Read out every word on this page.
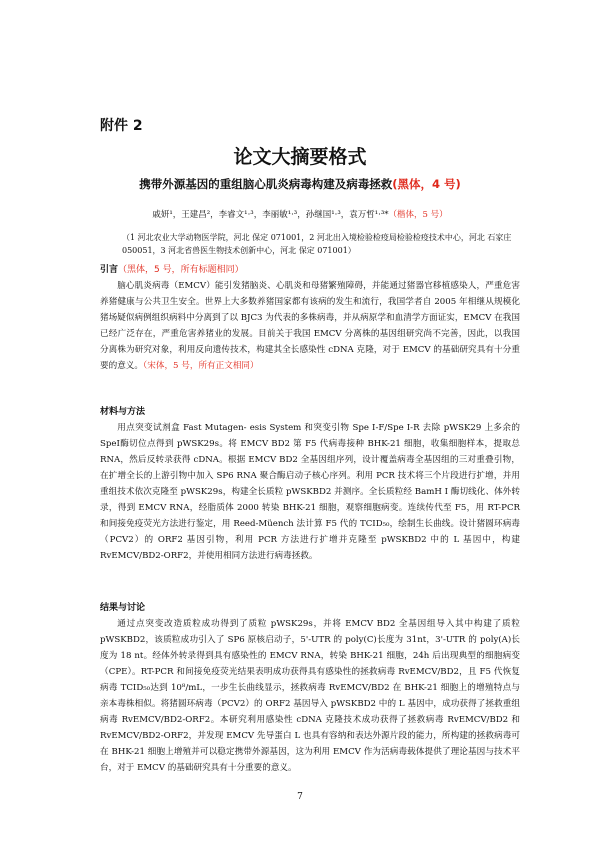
附件 2
论文大摘要格式
携带外源基因的重组脑心肌炎病毒构建及病毒拯救(黑体，4 号)
戚妍¹，王建昌²，李睿文¹·³，李丽敏¹·³，孙继国¹·³，袁万哲¹·³*（楷体，5 号）
（1 河北农业大学动物医学院，河北 保定 071001，2 河北出入境检验检疫局检验检疫技术中心，河北 石家庄 050051，3 河北省兽医生物技术创新中心，河北 保定 071001）
引言（黑体，5 号，所有标题相同）
脑心肌炎病毒（EMCV）能引发猪脑炎、心肌炎和母猪繁殖障碍，并能通过猪器官移植感染人，严重危害养猪健康与公共卫生安全。世界上大多数养猪国家都有该病的发生和流行，我国学者自 2005 年相继从规模化猪场疑似病例组织病料中分离到了以 BJC3 为代表的多株病毒，并从病原学和血清学方面证实，EMCV 在我国已经广泛存在，严重危害养猪业的发展。目前关于我国 EMCV 分离株的基因组研究尚不完善，因此，以我国分离株为研究对象，利用反向遗传技术，构建其全长感染性 cDNA 克隆，对于 EMCV 的基础研究具有十分重要的意义。（宋体，5 号，所有正文相同）
材料与方法
用点突变试剂盒 Fast Mutagen- esis System 和突变引物 Spe I-F/Spe I-R 去除 pWSK29 上多余的 SpeI酶切位点得到 pWSK29s。将 EMCV BD2 第 F5 代病毒接种 BHK-21 细胞，收集细胞样本，提取总 RNA，然后反转录获得 cDNA。根据 EMCV BD2 全基因组序列，设计覆盖病毒全基因组的三对重叠引物，在扩增全长的上游引物中加入 SP6 RNA 聚合酶启动子核心序列。利用 PCR 技术将三个片段进行扩增，并用重组技术依次克隆至 pWSK29s，构建全长质粒 pWSKBD2 并测序。全长质粒经 BamH I 酶切线化、体外转录，得到 EMCV RNA，经脂质体 2000 转染 BHK-21 细胞，观察细胞病变。连续传代至 F5，用 RT-PCR 和间接免疫荧光方法进行鉴定，用 Reed-Müench 法计算 F5 代的 TCID₅₀，绘制生长曲线。设计猪圆环病毒（PCV2）的 ORF2 基因引物，利用 PCR 方法进行扩增并克隆至 pWSKBD2 中的 L 基因中，构建 RvEMCV/BD2-ORF2，并使用相同方法进行病毒拯救。
结果与讨论
通过点突变改造质粒成功得到了质粒 pWSK29s，并将 EMCV BD2 全基因组导入其中构建了质粒 pWSKBD2，该质粒成功引入了 SP6 原核启动子，5'-UTR 的 poly(C)长度为 31nt，3'-UTR 的 poly(A)长度为 18 nt。经体外转录得到具有感染性的 EMCV RNA，转染 BHK-21 细胞，24h 后出现典型的细胞病变（CPE）。RT-PCR 和间接免疫荧光结果表明成功获得具有感染性的拯救病毒 RvEMCV/BD2，且 F5 代恢复病毒 TCID₅₀达到 10⁸/mL，一步生长曲线显示，拯救病毒 RvEMCV/BD2 在 BHK-21 细胞上的增殖特点与亲本毒株相似。将猪圆环病毒（PCV2）的 ORF2 基因导入 pWSKBD2 中的 L 基因中，成功获得了拯救重组病毒 RvEMCV/BD2-ORF2。本研究利用感染性 cDNA 克隆技术成功获得了拯救病毒 RvEMCV/BD2 和 RvEMCV/BD2-ORF2，并发现 EMCV 先导蛋白 L 也具有容纳和表达外源片段的能力，所构建的拯救病毒可在 BHK-21 细胞上增殖并可以稳定携带外源基因，这为利用 EMCV 作为活病毒载体提供了理论基因与技术平台，对于 EMCV 的基础研究具有十分重要的意义。
7
